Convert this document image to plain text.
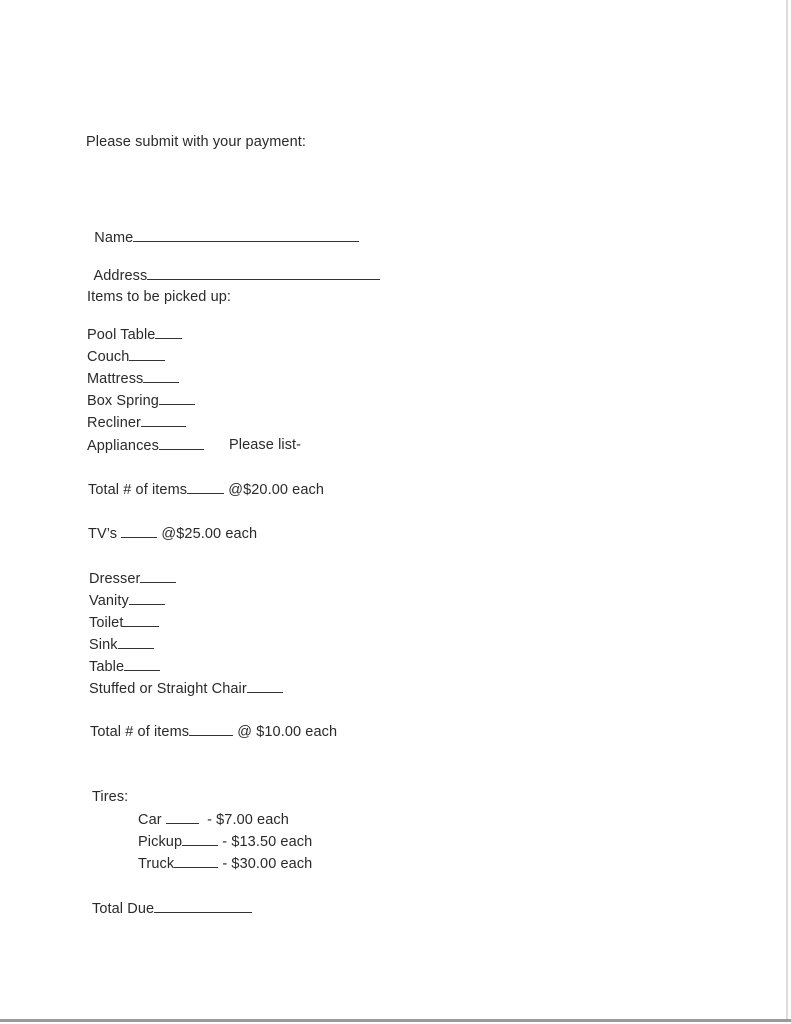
Please submit with your payment:

Name

Address

Items to be picked up:
Pool Table
Couch
Mattress
Box Spring
Recliner
Appliances	Please list-
Total # of items	@$20.00 each
TV’s	@$25.00 each
Dresser
Vanity
Toilet
Sink
Table
Stuffed or Straight Chair
Total # of items	@ $10.00 each
Tires:
Car	- $7.00 each
Pickup	- $13.50 each
Truck	- $30.00 each
Total Due
